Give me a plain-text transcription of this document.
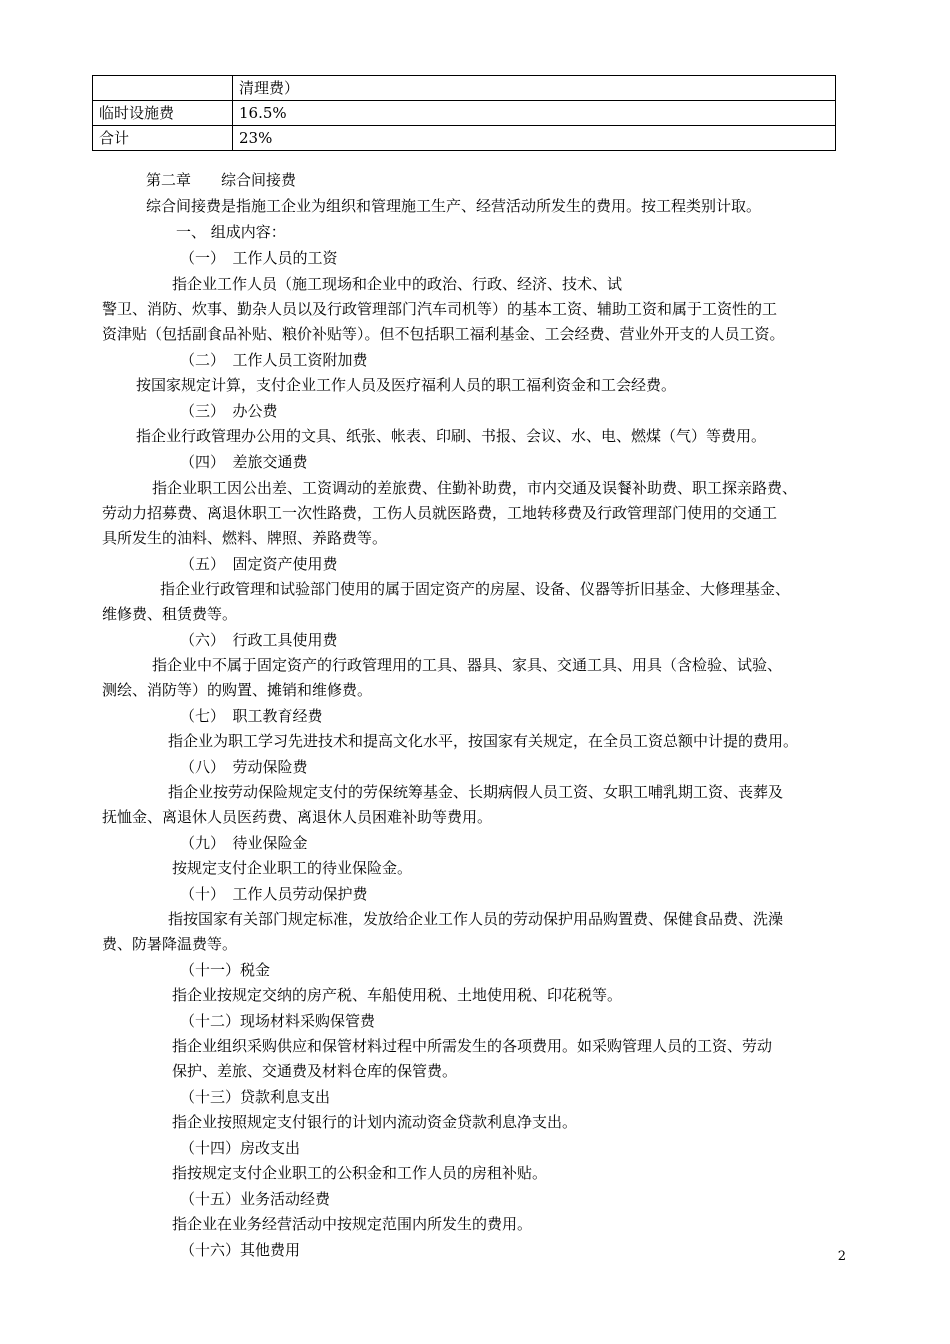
	清理费）
临时设施费	16.5%
合计	23%
第二章　　综合间接费
综合间接费是指施工企业为组织和管理施工生产、经营活动所发生的费用。按工程类别计取。
一、 组成内容：
（一）　工作人员的工资
指企业工作人员（施工现场和企业中的政治、行政、经济、技术、试
警卫、消防、炊事、勤杂人员以及行政管理部门汽车司机等）的基本工资、辅助工资和属于工资性的工
资津贴（包括副食品补贴、粮价补贴等）。但不包括职工福利基金、工会经费、营业外开支的人员工资。
（二）　工作人员工资附加费
按国家规定计算，支付企业工作人员及医疗福利人员的职工福利资金和工会经费。
（三）　办公费
指企业行政管理办公用的文具、纸张、帐表、印刷、书报、会议、水、电、燃煤（气）等费用。
（四）　差旅交通费
指企业职工因公出差、工资调动的差旅费、住勤补助费，市内交通及误餐补助费、职工探亲路费、
劳动力招募费、离退休职工一次性路费，工伤人员就医路费，工地转移费及行政管理部门使用的交通工
具所发生的油料、燃料、牌照、养路费等。
（五）　固定资产使用费
指企业行政管理和试验部门使用的属于固定资产的房屋、设备、仪器等折旧基金、大修理基金、
维修费、租赁费等。
（六）　行政工具使用费
指企业中不属于固定资产的行政管理用的工具、器具、家具、交通工具、用具（含检验、试验、
测绘、消防等）的购置、摊销和维修费。
（七）　职工教育经费
指企业为职工学习先进技术和提高文化水平，按国家有关规定，在全员工资总额中计提的费用。
（八）　劳动保险费
指企业按劳动保险规定支付的劳保统筹基金、长期病假人员工资、女职工哺乳期工资、丧葬及
抚恤金、离退休人员医药费、离退休人员困难补助等费用。
（九）　待业保险金
按规定支付企业职工的待业保险金。
（十）　工作人员劳动保护费
指按国家有关部门规定标准，发放给企业工作人员的劳动保护用品购置费、保健食品费、洗澡
费、防暑降温费等。
（十一）税金
指企业按规定交纳的房产税、车船使用税、土地使用税、印花税等。
（十二）现场材料采购保管费
指企业组织采购供应和保管材料过程中所需发生的各项费用。如采购管理人员的工资、劳动
保护、差旅、交通费及材料仓库的保管费。
（十三）贷款利息支出
指企业按照规定支付银行的计划内流动资金贷款利息净支出。
（十四）房改支出
指按规定支付企业职工的公积金和工作人员的房租补贴。
（十五）业务活动经费
指企业在业务经营活动中按规定范围内所发生的费用。
（十六）其他费用	2
